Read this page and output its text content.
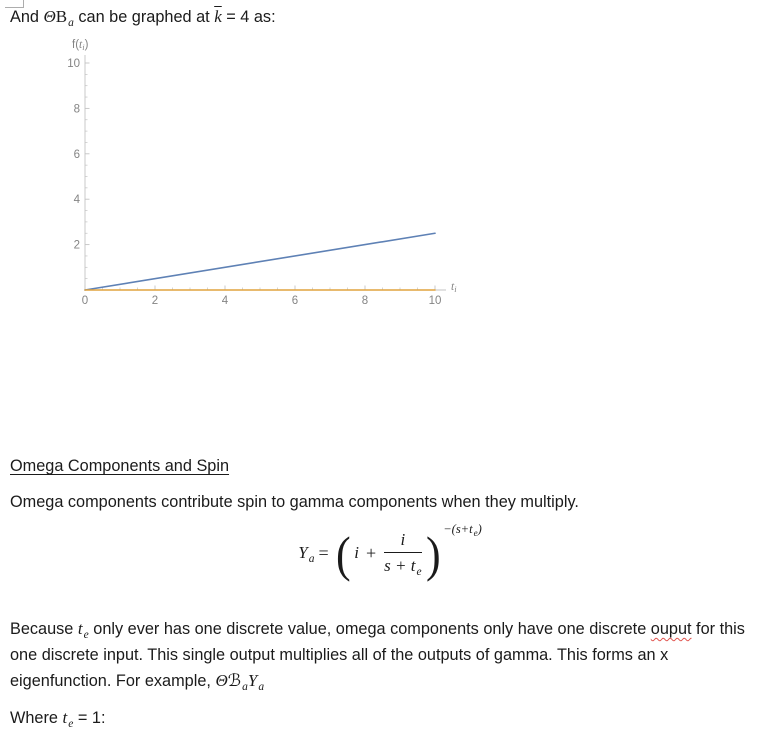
And $\Theta B_a$ can be graphed at $\overline{k} = 4$ as:

$f(t_i)$
0	2	4	6	8	10
2
4
6
8
10
$t_i$

Omega Components and Spin

Omega components contribute spin to gamma components when they multiply.

$\Upsilon_a$ = ( $i + \frac{i}{s + t_e}$ ) $-(s+t_e)$

Because $t_e$ only ever has one discrete value, omega components only have one discrete ouput for this

one discrete input. This single output multiplies all of the outputs of gamma. This forms an x

eigenfunction. For example, $\Theta ℬ_a\Upsilon_a$

Where $t_e = 1$:
